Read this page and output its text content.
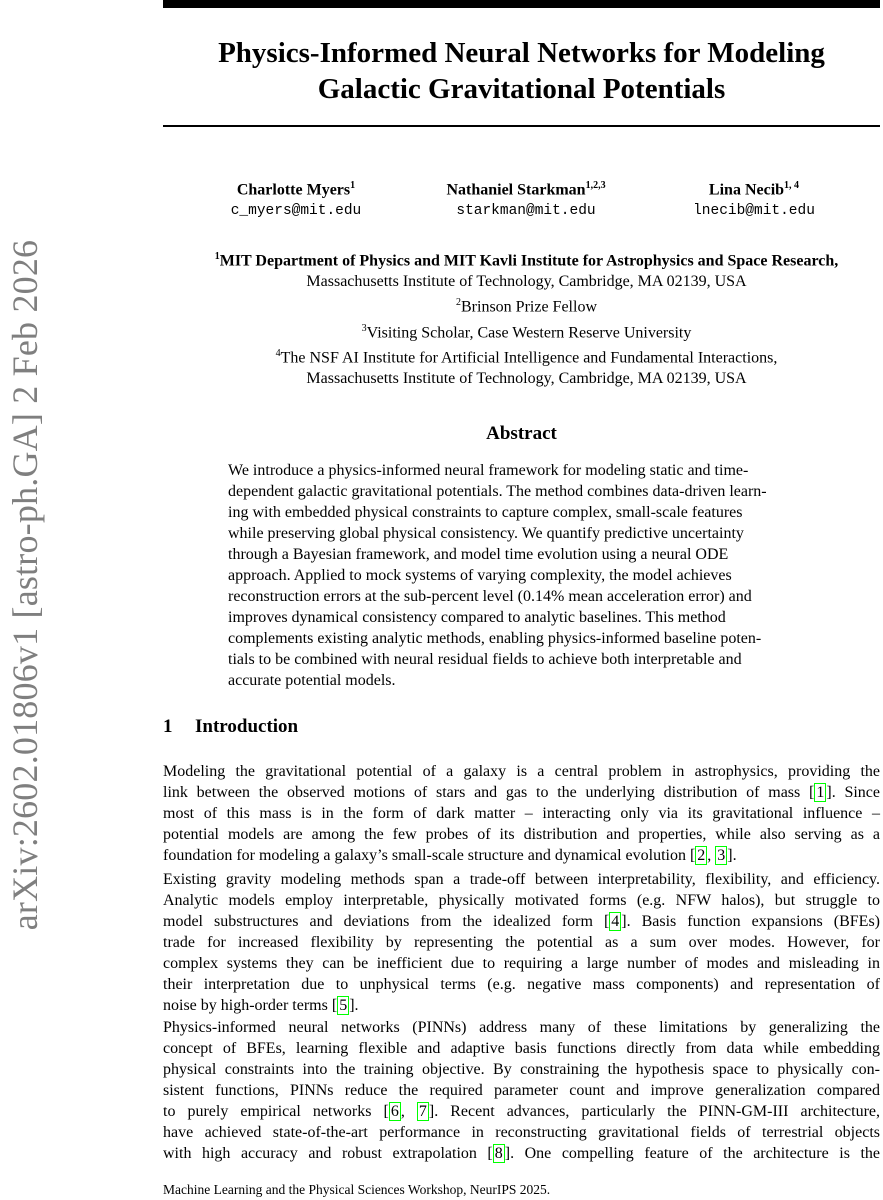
arXiv:2602.01806v1 [astro-ph.GA] 2 Feb 2026
Physics-Informed Neural Networks for Modeling
Galactic Gravitational Potentials
Charlotte Myers$^1$
c_myers@mit.edu
Nathaniel Starkman$^{1,2,3}$
starkman@mit.edu
Lina Necib$^{1, 4}$
lnecib@mit.edu
$^1$MIT Department of Physics and MIT Kavli Institute for Astrophysics and Space Research,
Massachusetts Institute of Technology, Cambridge, MA 02139, USA
$^2$Brinson Prize Fellow
$^3$Visiting Scholar, Case Western Reserve University
$^4$The NSF AI Institute for Artificial Intelligence and Fundamental Interactions,
Massachusetts Institute of Technology, Cambridge, MA 02139, USA
Abstract

We introduce a physics-informed neural framework for modeling static and time-

dependent galactic gravitational potentials. The method combines data-driven learn-

ing with embedded physical constraints to capture complex, small-scale features

while preserving global physical consistency. We quantify predictive uncertainty

through a Bayesian framework, and model time evolution using a neural ODE

approach. Applied to mock systems of varying complexity, the model achieves

reconstruction errors at the sub-percent level (0.14% mean acceleration error) and

improves dynamical consistency compared to analytic baselines. This method

complements existing analytic methods, enabling physics-informed baseline poten-

tials to be combined with neural residual fields to achieve both interpretable and

accurate potential models.

1 Introduction
Modeling the gravitational potential of a galaxy is a central problem in astrophysics, providing the
link between the observed motions of stars and gas to the underlying distribution of mass [ 1 ]. Since
most of this mass is in the form of dark matter – interacting only via its gravitational influence –
potential models are among the few probes of its distribution and properties, while also serving as a
foundation for modeling a galaxy’s small-scale structure and dynamical evolution [ 2 , 3 ].
Existing gravity modeling methods span a trade-off between interpretability, flexibility, and efficiency.
Analytic models employ interpretable, physically motivated forms (e.g. NFW halos), but struggle to
model substructures and deviations from the idealized form [ 4 ]. Basis function expansions (BFEs)
trade for increased flexibility by representing the potential as a sum over modes. However, for
complex systems they can be inefficient due to requiring a large number of modes and misleading in
their interpretation due to unphysical terms (e.g. negative mass components) and representation of
noise by high-order terms [ 5 ].
Physics-informed neural networks (PINNs) address many of these limitations by generalizing the
concept of BFEs, learning flexible and adaptive basis functions directly from data while embedding
physical constraints into the training objective. By constraining the hypothesis space to physically con-
sistent functions, PINNs reduce the required parameter count and improve generalization compared
to purely empirical networks [ 6 , 7 ]. Recent advances, particularly the PINN-GM-III architecture,
have achieved state-of-the-art performance in reconstructing gravitational fields of terrestrial objects
with high accuracy and robust extrapolation [ 8 ]. One compelling feature of the architecture is the
Machine Learning and the Physical Sciences Workshop, NeurIPS 2025.
